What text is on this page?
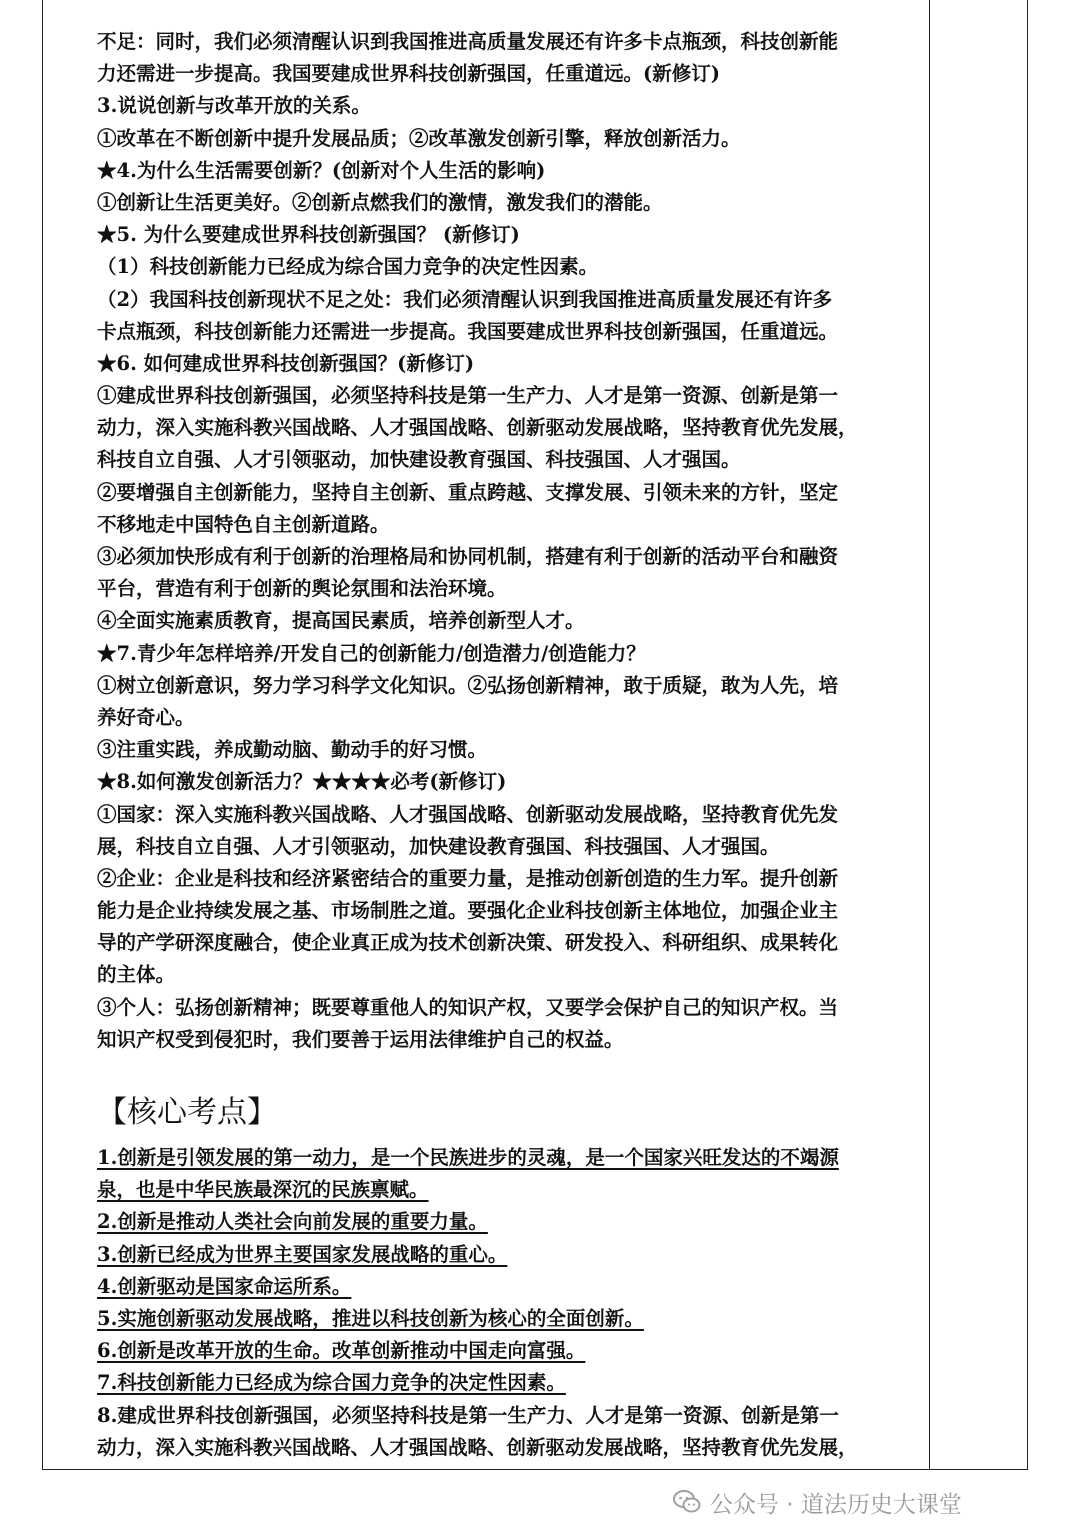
不足：同时，我们必须清醒认识到我国推进高质量发展还有许多卡点瓶颈，科技创新能
力还需进一步提高。我国要建成世界科技创新强国，任重道远。(新修订)
3.说说创新与改革开放的关系。
①改革在不断创新中提升发展品质；②改革激发创新引擎，释放创新活力。
★4.为什么生活需要创新？(创新对个人生活的影响)
①创新让生活更美好。②创新点燃我们的激情，激发我们的潜能。
★5. 为什么要建成世界科技创新强国？ (新修订)
（1）科技创新能力已经成为综合国力竞争的决定性因素。
（2）我国科技创新现状不足之处：我们必须清醒认识到我国推进高质量发展还有许多
卡点瓶颈，科技创新能力还需进一步提高。我国要建成世界科技创新强国，任重道远。
★6. 如何建成世界科技创新强国？(新修订)
①建成世界科技创新强国，必须坚持科技是第一生产力、人才是第一资源、创新是第一
动力，深入实施科教兴国战略、人才强国战略、创新驱动发展战略，坚持教育优先发展，
科技自立自强、人才引领驱动，加快建设教育强国、科技强国、人才强国。
②要增强自主创新能力，坚持自主创新、重点跨越、支撑发展、引领未来的方针，坚定
不移地走中国特色自主创新道路。
③必须加快形成有利于创新的治理格局和协同机制，搭建有利于创新的活动平台和融资
平台，营造有利于创新的舆论氛围和法治环境。
④全面实施素质教育，提高国民素质，培养创新型人才。
★7.青少年怎样培养/开发自己的创新能力/创造潜力/创造能力？
①树立创新意识，努力学习科学文化知识。②弘扬创新精神，敢于质疑，敢为人先，培
养好奇心。
③注重实践，养成勤动脑、勤动手的好习惯。
★8.如何激发创新活力？★★★★必考(新修订)
①国家：深入实施科教兴国战略、人才强国战略、创新驱动发展战略，坚持教育优先发
展，科技自立自强、人才引领驱动，加快建设教育强国、科技强国、人才强国。
②企业：企业是科技和经济紧密结合的重要力量，是推动创新创造的生力军。提升创新
能力是企业持续发展之基、市场制胜之道。要强化企业科技创新主体地位，加强企业主
导的产学研深度融合，使企业真正成为技术创新决策、研发投入、科研组织、成果转化
的主体。
③个人：弘扬创新精神；既要尊重他人的知识产权，又要学会保护自己的知识产权。当
知识产权受到侵犯时，我们要善于运用法律维护自己的权益。
【核心考点】
1.创新是引领发展的第一动力，是一个民族进步的灵魂，是一个国家兴旺发达的不竭源
泉，也是中华民族最深沉的民族禀赋。
2.创新是推动人类社会向前发展的重要力量。
3.创新已经成为世界主要国家发展战略的重心。
4.创新驱动是国家命运所系。
5.实施创新驱动发展战略，推进以科技创新为核心的全面创新。
6.创新是改革开放的生命。改革创新推动中国走向富强。
7.科技创新能力已经成为综合国力竞争的决定性因素。
8.建成世界科技创新强国，必须坚持科技是第一生产力、人才是第一资源、创新是第一
动力，深入实施科教兴国战略、人才强国战略、创新驱动发展战略，坚持教育优先发展，
公众号 · 道法历史大课堂
